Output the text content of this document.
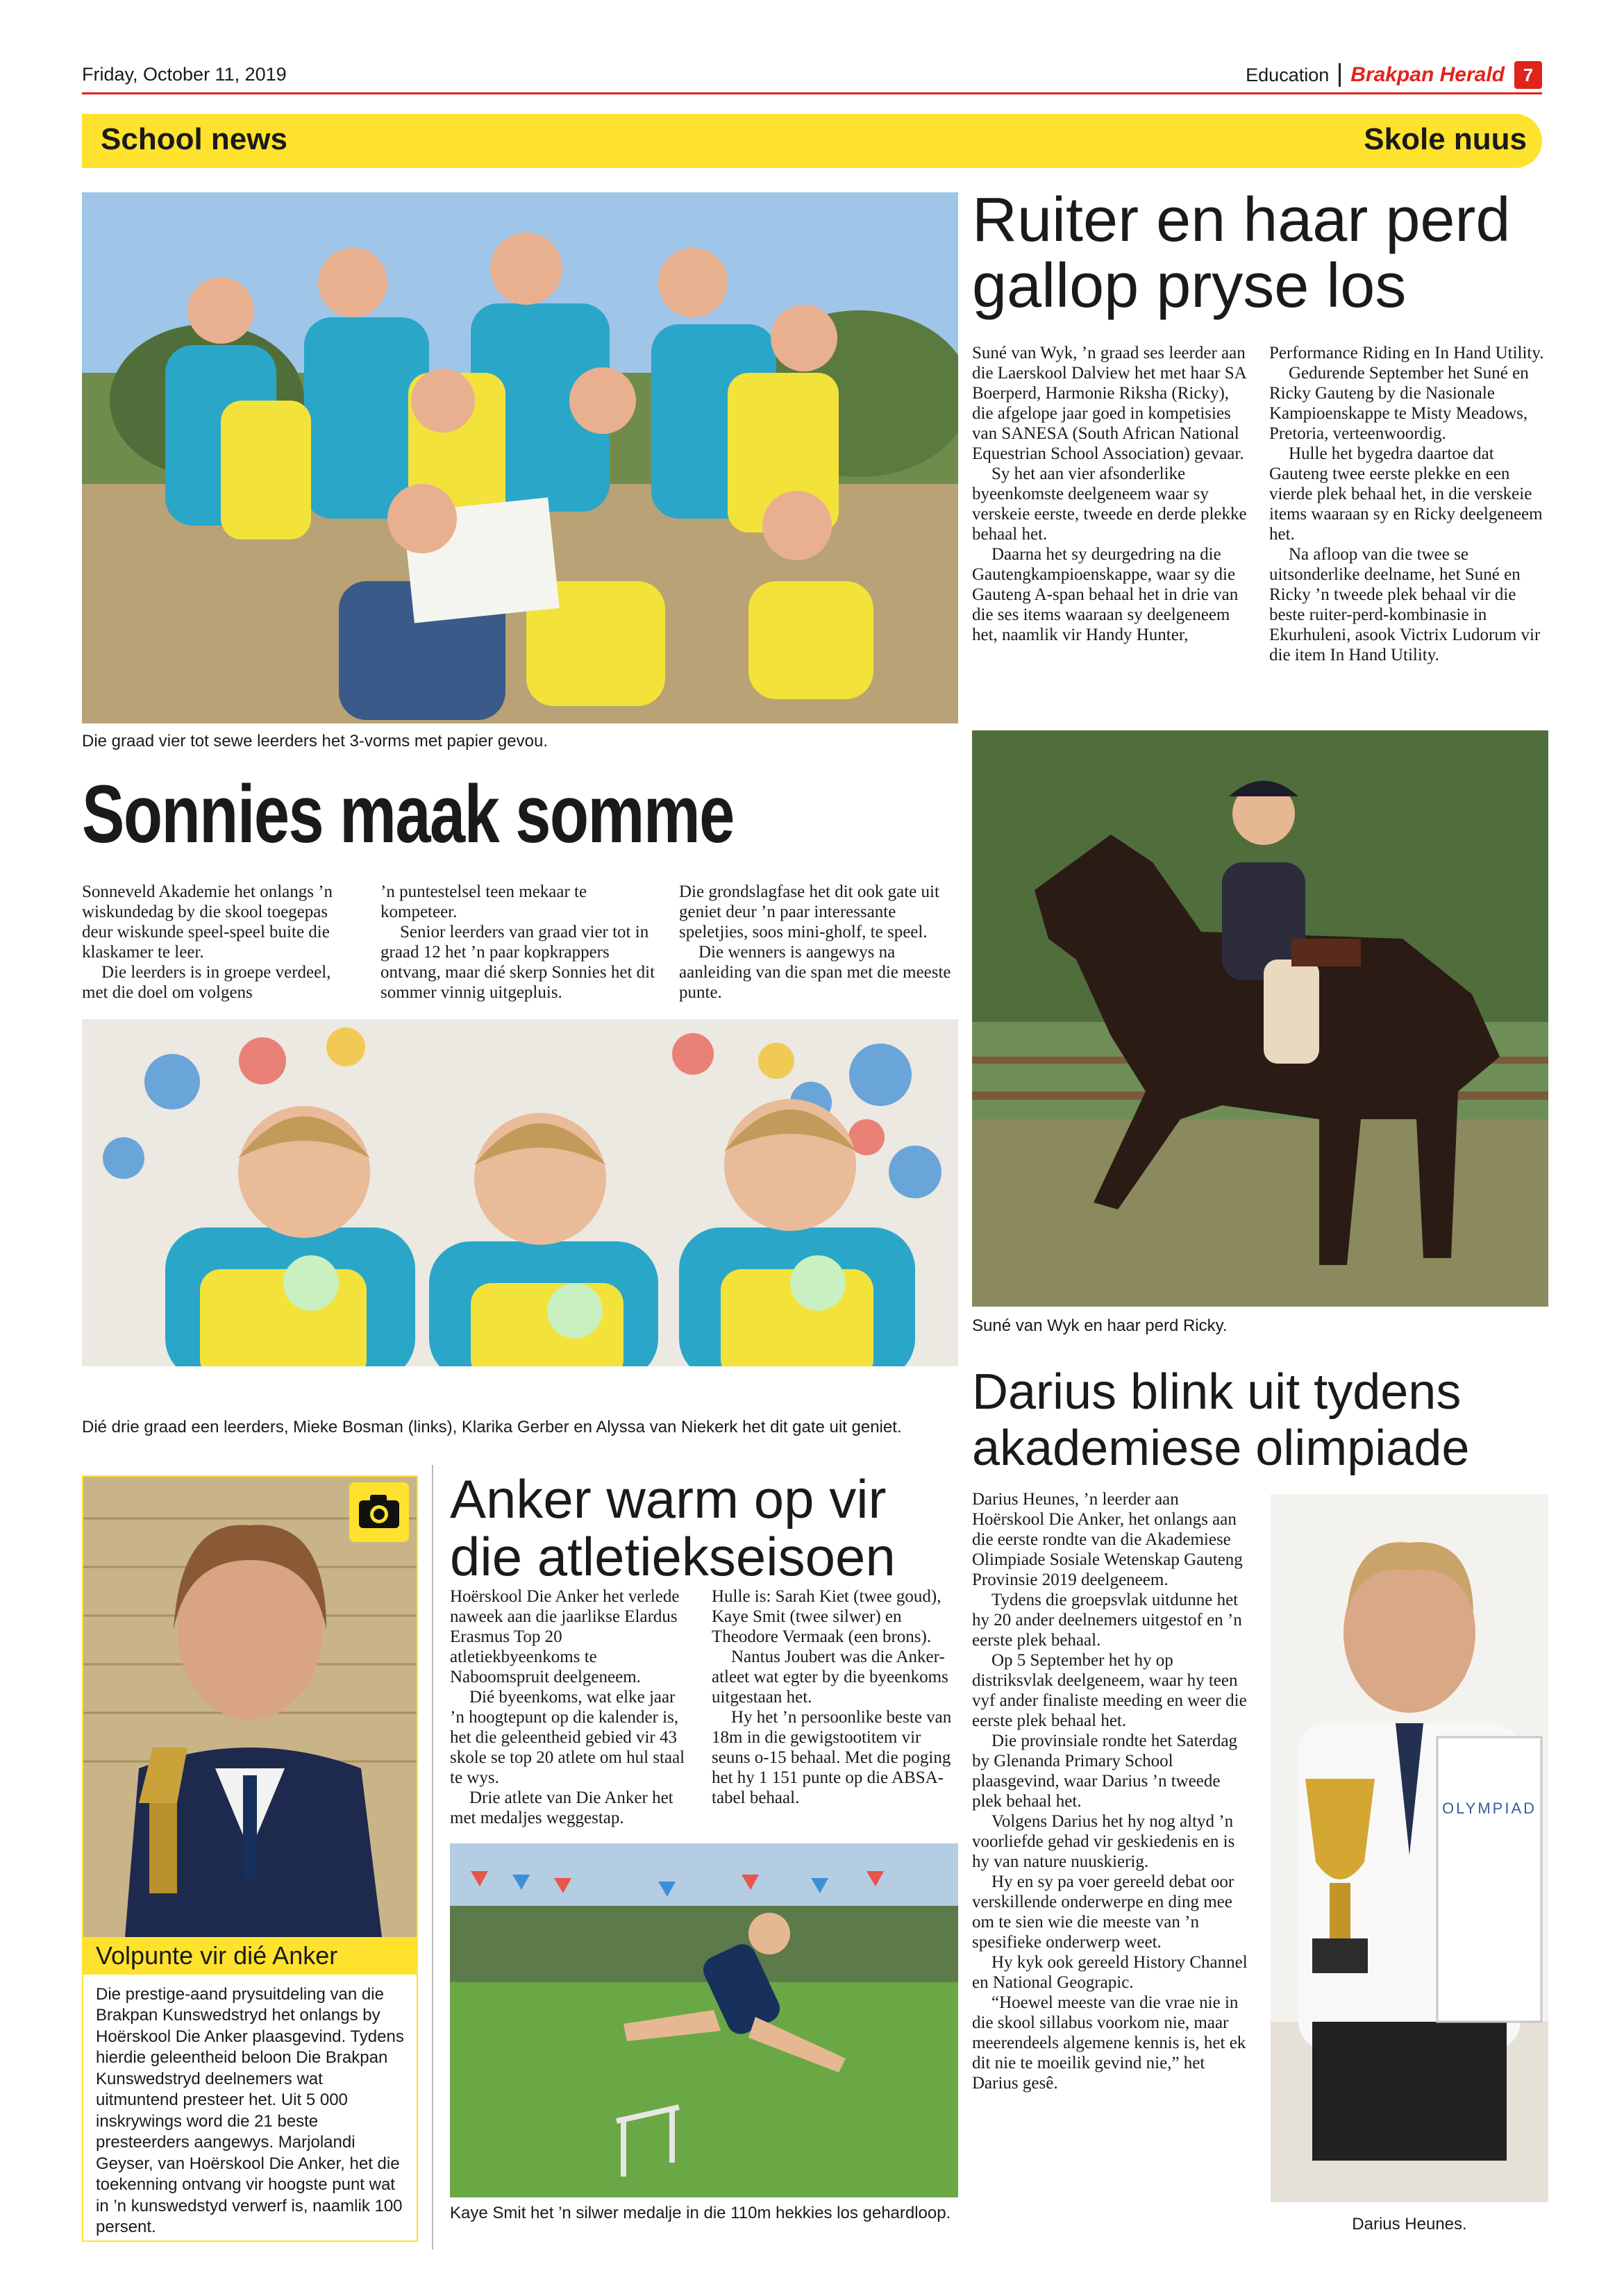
Friday, October 11, 2019	Education Brakpan Herald	7
School news	Skole nuus
Die graad vier tot sewe leerders het 3-vorms met papier gevou.
Ruiter en haar perd gallop pryse los

Suné van Wyk, ’n graad ses leerder aan die Laerskool Dalview het met haar SA Boerperd, Harmonie Riksha (Ricky), die afgelope jaar goed in kompetisies van SANESA (South African National Equestrian School Association) gevaar.

Sy het aan vier afsonderlike byeenkomste deelgeneem waar sy verskeie eerste, tweede en derde plekke behaal het.

Daarna het sy deurgedring na die Gautengkampioenskappe, waar sy die Gauteng A-span behaal het in drie van die ses items waaraan sy deelgeneem het, naamlik vir Handy Hunter,

Performance Riding en In Hand Utility.

Gedurende September het Suné en Ricky Gauteng by die Nasionale Kampioenskappe te Misty Meadows, Pretoria, verteenwoordig.

Hulle het bygedra daartoe dat Gauteng twee eerste plekke en een vierde plek behaal het, in die verskeie items waaraan sy en Ricky deelgeneem het.

Na afloop van die twee se uitsonderlike deelname, het Suné en Ricky ’n tweede plek behaal vir die beste ruiter-perd-kombinasie in Ekurhuleni, asook Victrix Ludorum vir die item In Hand Utility.

Suné van Wyk en haar perd Ricky.
Sonnies maak somme

Sonneveld Akademie het onlangs ’n wiskundedag by die skool toegepas deur wiskunde speel-speel buite die klaskamer te leer.

Die leerders is in groepe verdeel, met die doel om volgens

’n puntestelsel teen mekaar te kompeteer.

Senior leerders van graad vier tot in graad 12 het ’n paar kopkrappers ontvang, maar dié skerp Sonnies het dit sommer vinnig uitgepluis.

Die grondslagfase het dit ook gate uit geniet deur ’n paar interessante speletjies, soos mini-gholf, te speel.

Die wenners is aangewys na aanleiding van die span met die meeste punte.

Dié drie graad een leerders, Mieke Bosman (links), Klarika Gerber en Alyssa van Niekerk het dit gate uit geniet.
Volpunte vir dié Anker
Die prestige-aand prysuitdeling van die Brakpan Kunswedstryd het onlangs by Hoërskool Die Anker plaasgevind. Tydens hierdie geleentheid beloon Die Brakpan Kunswedstryd deelnemers wat uitmuntend presteer het. Uit 5 000 inskrywings word die 21 beste presteerders aangewys. Marjolandi Geyser, van Hoërskool Die Anker, het die toekenning ontvang vir hoogste punt wat in ’n kunswedstyd verwerf is, naamlik 100 persent.
Anker warm op vir die atletiekseisoen

Hoërskool Die Anker het verlede naweek aan die jaarlikse Elardus Erasmus Top 20 atletiekbyeenkoms te Naboomspruit deelgeneem.

Dié byeenkoms, wat elke jaar ’n hoogtepunt op die kalender is, het die geleentheid gebied vir 43 skole se top 20 atlete om hul staal te wys.

Drie atlete van Die Anker het met medaljes weggestap.

Hulle is: Sarah Kiet (twee goud), Kaye Smit (twee silwer) en Theodore Vermaak (een brons).

Nantus Joubert was die Anker-atleet wat egter by die byeenkoms uitgestaan het.

Hy het ’n persoonlike beste van 18m in die gewigstootitem vir seuns o-15 behaal. Met die poging het hy 1 151 punte op die ABSA-tabel behaal.

Kaye Smit het ’n silwer medalje in die 110m hekkies los gehardloop.
Darius blink uit tydens akademiese olimpiade

Darius Heunes, ’n leerder aan Hoërskool Die Anker, het onlangs aan die eerste rondte van die Akademiese Olimpiade Sosiale Wetenskap Gauteng Provinsie 2019 deelgeneem.

Tydens die groepsvlak uitdunne het hy 20 ander deelnemers uitgestof en ’n eerste plek behaal.

Op 5 September het hy op distriksvlak deelgeneem, waar hy teen vyf ander finaliste meeding en weer die eerste plek behaal het.

Die provinsiale rondte het Saterdag by Glenanda Primary School plaasgevind, waar Darius ’n tweede plek behaal het.

Volgens Darius het hy nog altyd ’n voorliefde gehad vir geskiedenis en is hy van nature nuuskierig.

Hy en sy pa voer gereeld debat oor verskillende onderwerpe en ding mee om te sien wie die meeste van ’n spesifieke onderwerp weet.

Hy kyk ook gereeld History Channel en National Geograpic.

“Hoewel meeste van die vrae nie in die skool sillabus voorkom nie, maar meerendeels algemene kennis is, het ek dit nie te moeilik gevind nie,” het Darius gesê.

OLYMPIAD
Darius Heunes.
